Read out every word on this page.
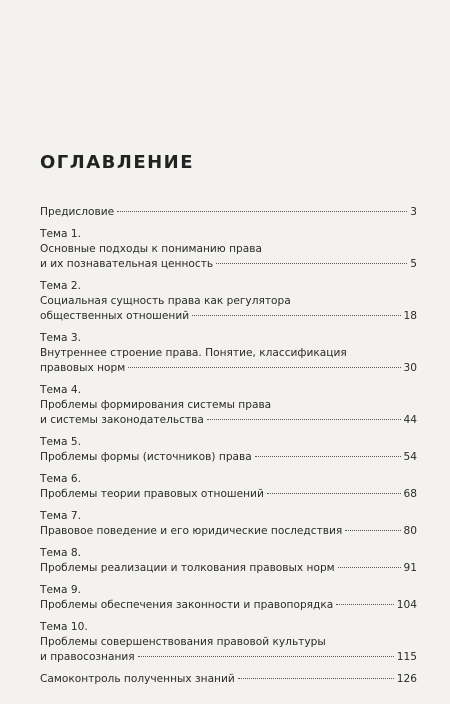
ОГЛАВЛЕНИЕ
Предисловие	3
Тема 1.
Основные подходы к пониманию права
и их познавательная ценность	5
Тема 2.
Социальная сущность права как регулятора
общественных отношений	18
Тема 3.
Внутреннее строение права. Понятие, классификация
правовых норм	30
Тема 4.
Проблемы формирования системы права
и системы законодательства	44
Тема 5.
Проблемы формы (источников) права	54
Тема 6.
Проблемы теории правовых отношений	68
Тема 7.
Правовое поведение и его юридические последствия	80
Тема 8.
Проблемы реализации и толкования правовых норм	91
Тема 9.
Проблемы обеспечения законности и правопорядка	104
Тема 10.
Проблемы совершенствования правовой культуры
и правосознания	115
Самоконтроль полученных знаний	126
